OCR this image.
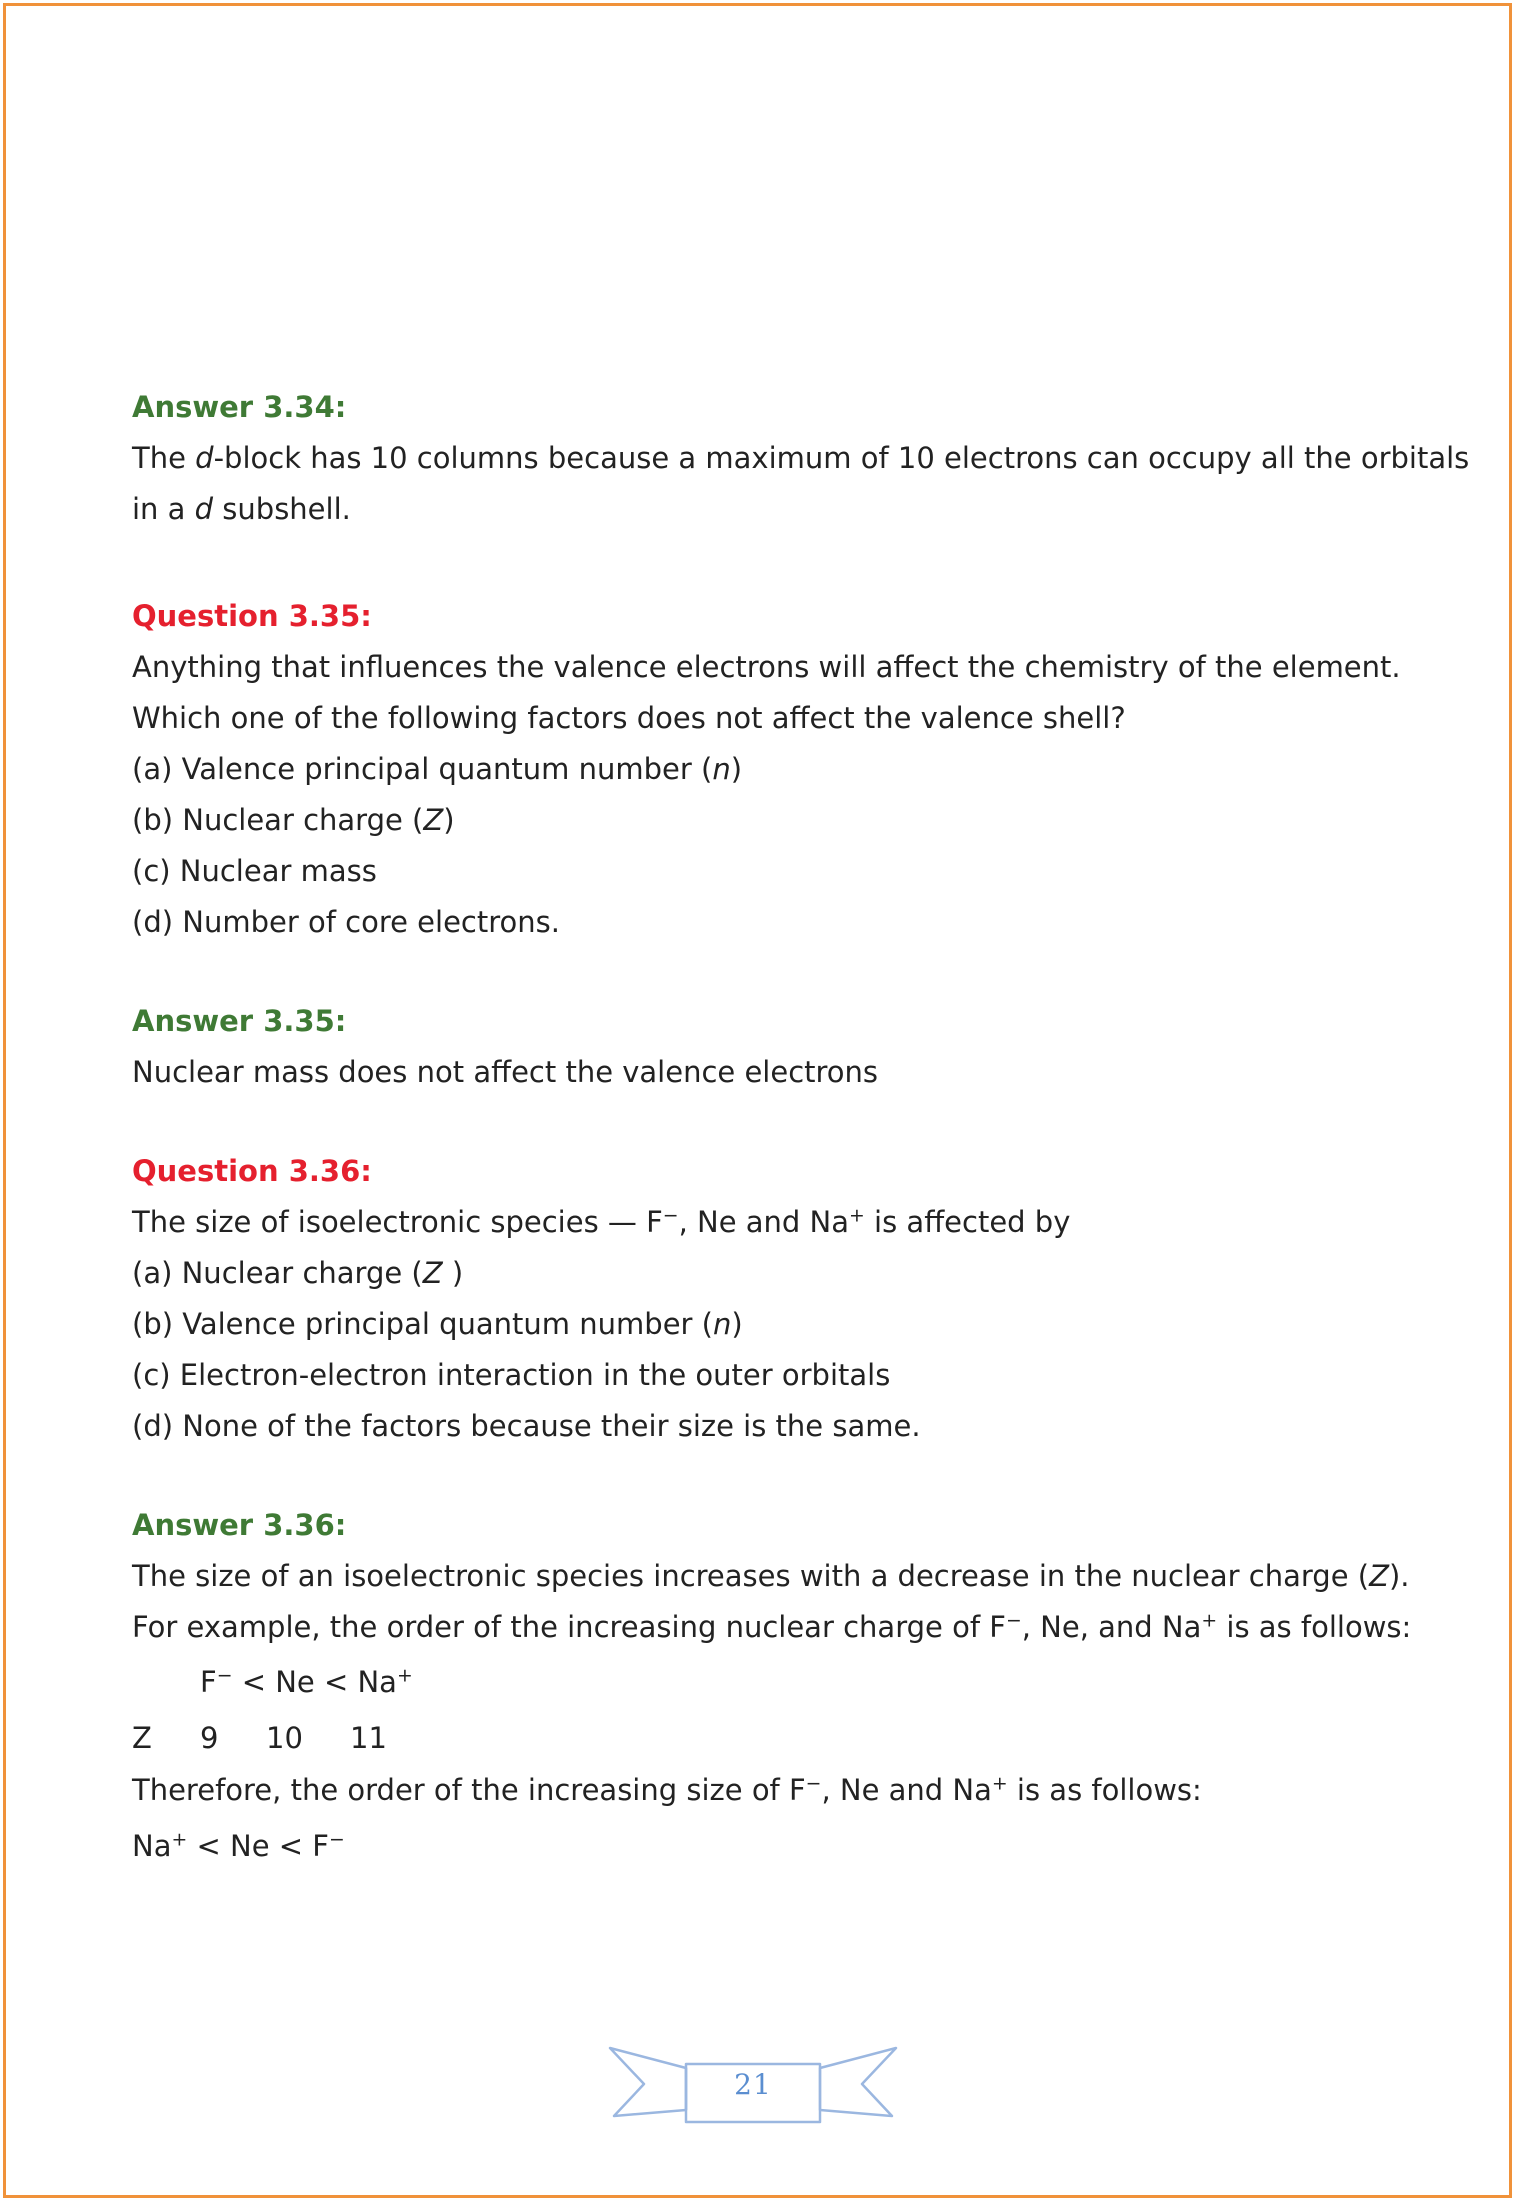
Answer 3.34:
The d-block has 10 columns because a maximum of 10 electrons can occupy all the orbitals
in a d subshell.
Question 3.35:
Anything that influences the valence electrons will affect the chemistry of the element.
Which one of the following factors does not affect the valence shell?
(a) Valence principal quantum number (n)
(b) Nuclear charge (Z)
(c) Nuclear mass
(d) Number of core electrons.
Answer 3.35:
Nuclear mass does not affect the valence electrons
Question 3.36:
The size of isoelectronic species — F−, Ne and Na+ is affected by
(a) Nuclear charge (Z )
(b) Valence principal quantum number (n)
(c) Electron-electron interaction in the outer orbitals
(d) None of the factors because their size is the same.
Answer 3.36:
The size of an isoelectronic species increases with a decrease in the nuclear charge (Z).
For example, the order of the increasing nuclear charge of F−, Ne, and Na+ is as follows:
F− < Ne < Na+
Z 9 10 11
Therefore, the order of the increasing size of F−, Ne and Na+ is as follows:
Na+ < Ne < F−
21
